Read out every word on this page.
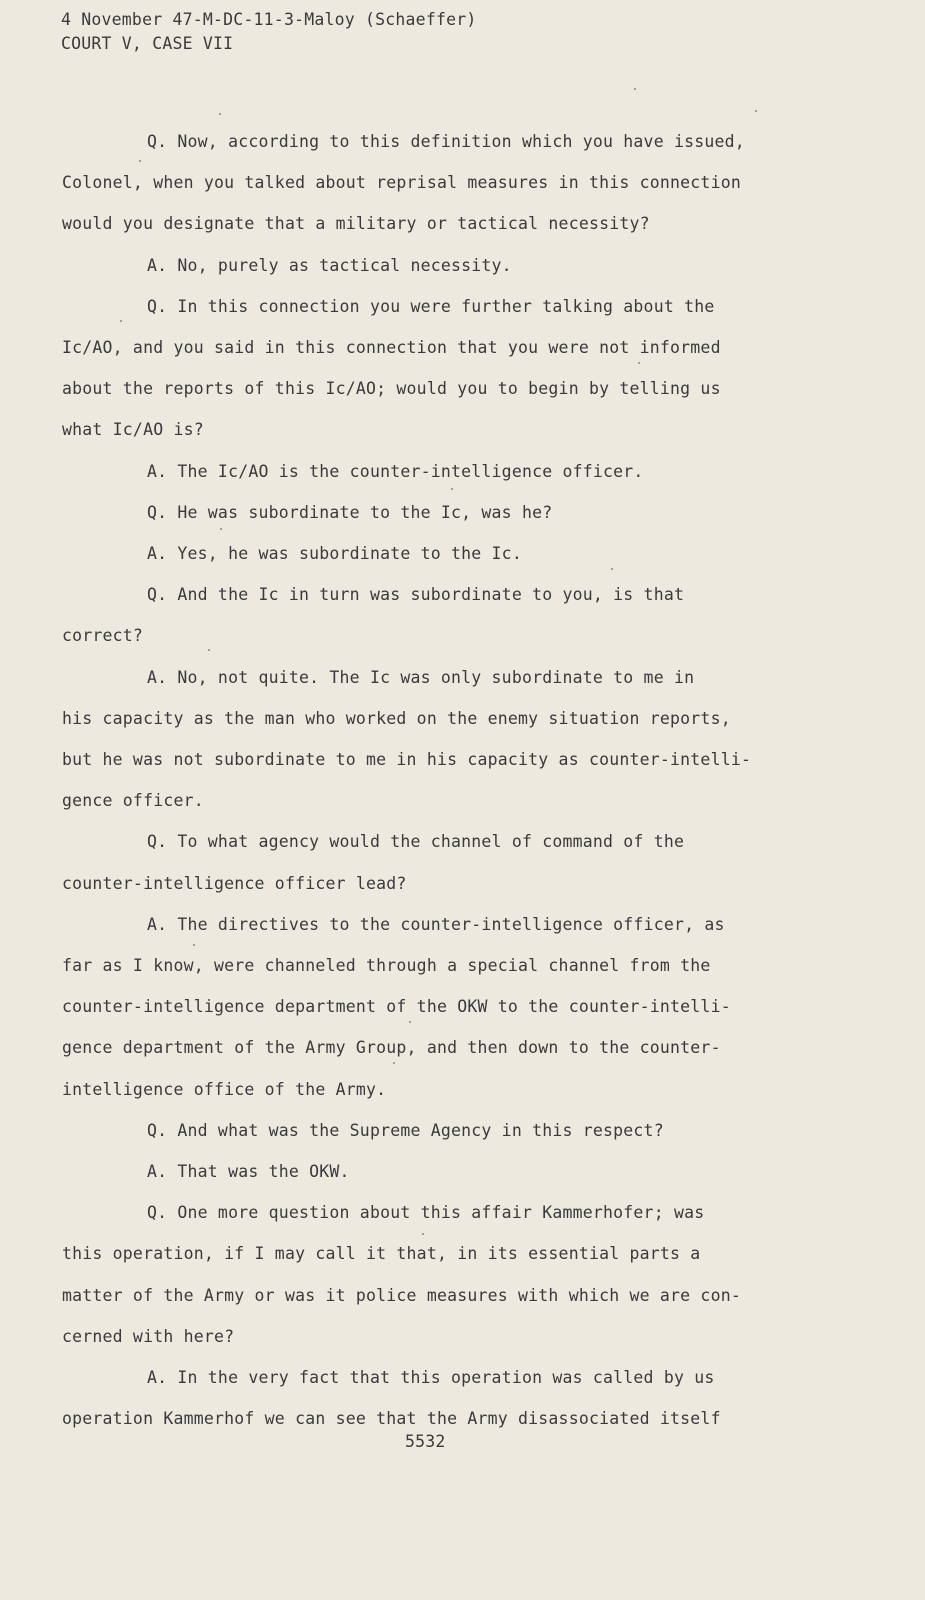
4 November 47-M-DC-11-3-Maloy (Schaeffer)
COURT V, CASE VII

Q. Now, according to this definition which you have issued,
Colonel, when you talked about reprisal measures in this connection
would you designate that a military or tactical necessity?

A. No, purely as tactical necessity.

Q. In this connection you were further talking about the
Ic/AO, and you said in this connection that you were not informed
about the reports of this Ic/AO; would you to begin by telling us
what Ic/AO is?

A. The Ic/AO is the counter-intelligence officer.

Q. He was subordinate to the Ic, was he?

A. Yes, he was subordinate to the Ic.

Q. And the Ic in turn was subordinate to you, is that
correct?

A. No, not quite. The Ic was only subordinate to me in
his capacity as the man who worked on the enemy situation reports,
but he was not subordinate to me in his capacity as counter-intelli-
gence officer.

Q. To what agency would the channel of command of the
counter-intelligence officer lead?

A. The directives to the counter-intelligence officer, as
far as I know, were channeled through a special channel from the
counter-intelligence department of the OKW to the counter-intelli-
gence department of the Army Group, and then down to the counter-
intelligence office of the Army.

Q. And what was the Supreme Agency in this respect?

A. That was the OKW.

Q. One more question about this affair Kammerhofer; was
this operation, if I may call it that, in its essential parts a
matter of the Army or was it police measures with which we are con-
cerned with here?

A. In the very fact that this operation was called by us
operation Kammerhof we can see that the Army disassociated itself

5532
